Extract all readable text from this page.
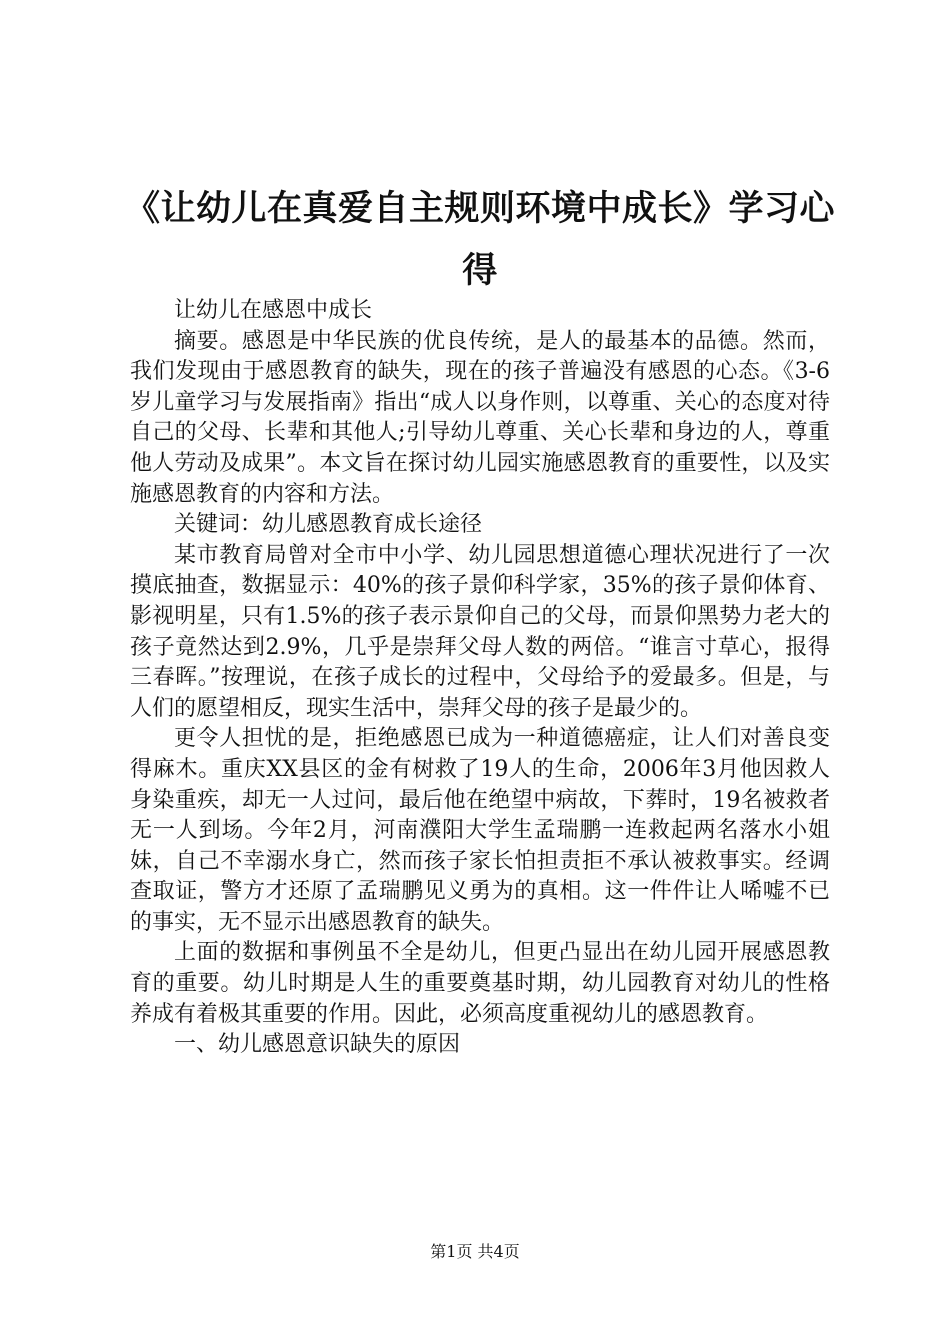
《让幼儿在真爱自主规则环境中成长》学习心得

让幼儿在感恩中成长

摘要。感恩是中华民族的优良传统，是人的最基本的品德。然而，我们发现由于感恩教育的缺失，现在的孩子普遍没有感恩的心态。《3-6岁儿童学习与发展指南》指出“成人以身作则，以尊重、关心的态度对待自己的父母、长辈和其他人;引导幼儿尊重、关心长辈和身边的人，尊重他人劳动及成果”。本文旨在探讨幼儿园实施感恩教育的重要性，以及实施感恩教育的内容和方法。

关键词：幼儿感恩教育成长途径

某市教育局曾对全市中小学、幼儿园思想道德心理状况进行了一次摸底抽查，数据显示：40%的孩子景仰科学家，35%的孩子景仰体育、影视明星，只有1.5%的孩子表示景仰自己的父母，而景仰黑势力老大的孩子竟然达到2.9%，几乎是崇拜父母人数的两倍。“谁言寸草心，报得三春晖。”按理说，在孩子成长的过程中，父母给予的爱最多。但是，与人们的愿望相反，现实生活中，崇拜父母的孩子是最少的。

更令人担忧的是，拒绝感恩已成为一种道德癌症，让人们对善良变得麻木。重庆XX县区的金有树救了19人的生命，2006年3月他因救人身染重疾，却无一人过问，最后他在绝望中病故，下葬时，19名被救者无一人到场。今年2月，河南濮阳大学生孟瑞鹏一连救起两名落水小姐妹，自己不幸溺水身亡，然而孩子家长怕担责拒不承认被救事实。经调查取证，警方才还原了孟瑞鹏见义勇为的真相。这一件件让人唏嘘不已的事实，无不显示出感恩教育的缺失。

上面的数据和事例虽不全是幼儿，但更凸显出在幼儿园开展感恩教育的重要。幼儿时期是人生的重要奠基时期，幼儿园教育对幼儿的性格养成有着极其重要的作用。因此，必须高度重视幼儿的感恩教育。

一、幼儿感恩意识缺失的原因

第1页 共4页
